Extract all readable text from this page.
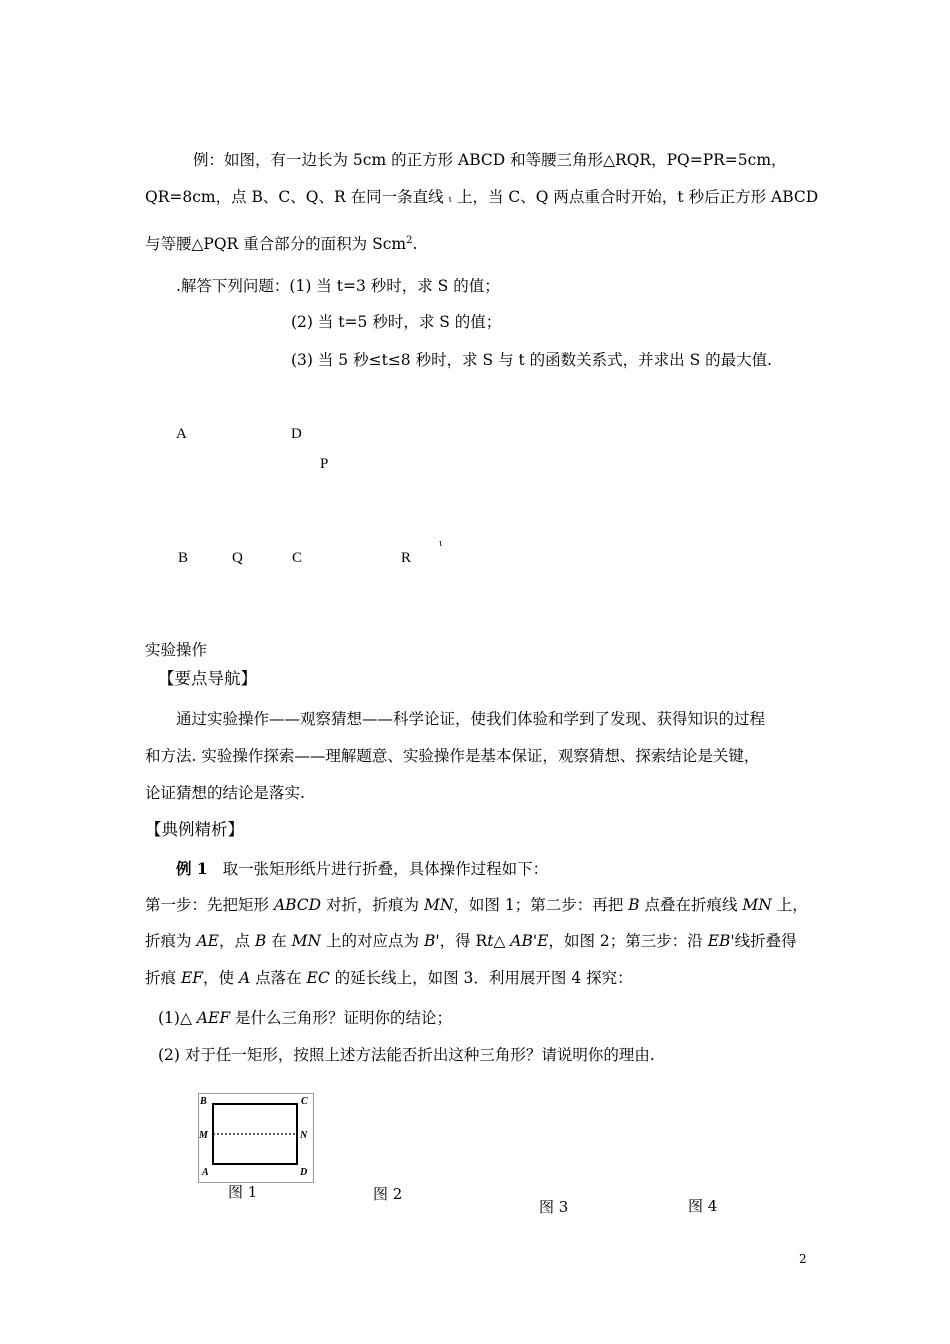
例：如图，有一边长为 5cm 的正方形 ABCD 和等腰三角形△RQR，PQ=PR=5cm，
QR=8cm，点 B、C、Q、R 在同一条直线 ι 上，当 C、Q 两点重合时开始，t 秒后正方形 ABCD
与等腰△PQR 重合部分的面积为 Scm$^2$.
.解答下列问题：(1) 当 t=3 秒时，求 S 的值；
(2) 当 t=5 秒时，求 S 的值；
(3) 当 5 秒≤t≤8 秒时，求 S 与 t 的函数关系式，并求出 S 的最大值.
A	D
P
B	Q	C	R
ι
实验操作
【要点导航】
通过实验操作——观察猜想——科学论证，使我们体验和学到了发现、获得知识的过程
和方法. 实验操作探索——理解题意、实验操作是基本保证，观察猜想、探索结论是关键，
论证猜想的结论是落实.
【典例精析】
例 1 取一张矩形纸片进行折叠，具体操作过程如下：
第一步：先把矩形 ABCD 对折，折痕为 MN，如图 1；第二步：再把 B 点叠在折痕线 MN 上，
折痕为 AE，点 B 在 MN 上的对应点为 B'，得 Rt△ AB'E，如图 2；第三步：沿 EB'线折叠得
折痕 EF，使 A 点落在 EC 的延长线上，如图 3．利用展开图 4 探究：
(1)△ AEF 是什么三角形？证明你的结论；
(2) 对于任一矩形，按照上述方法能否折出这种三角形？请说明你的理由.
B	C
M	N
A	D
图 1	图 2
图 3	图 4
2
